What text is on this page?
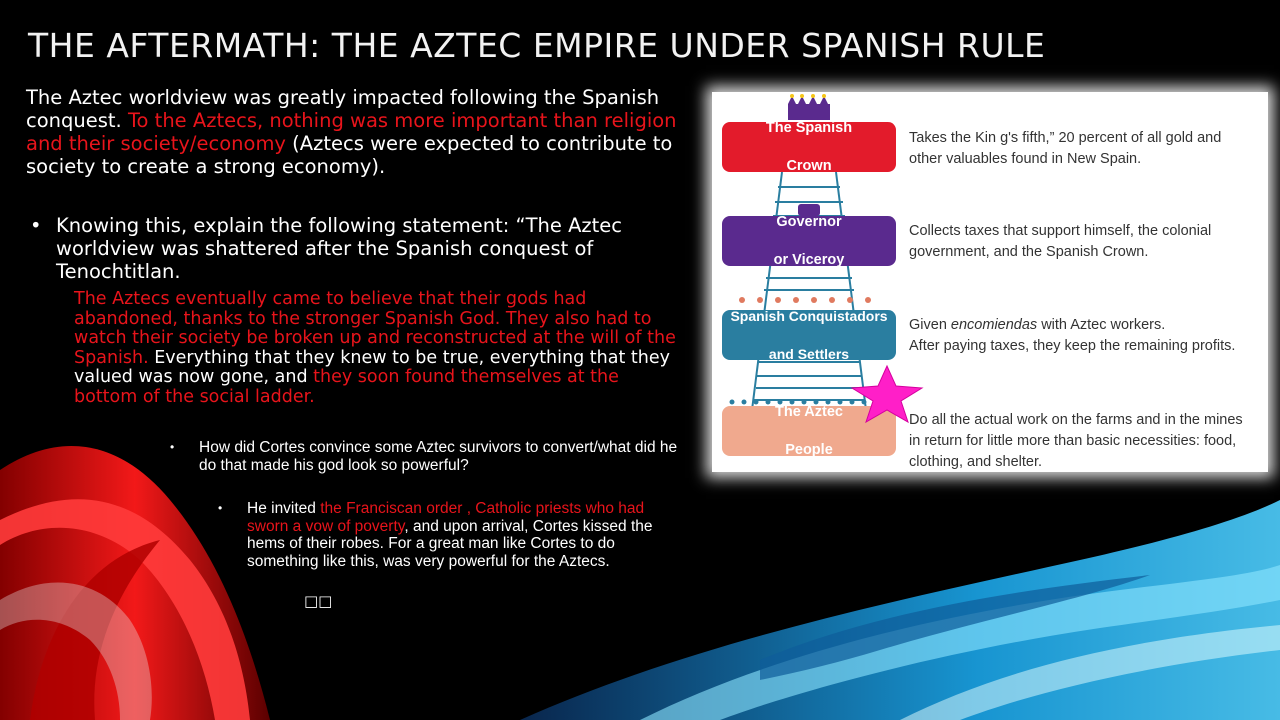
THE AFTERMATH: THE AZTEC EMPIRE UNDER SPANISH RULE
The Aztec worldview was greatly impacted following the Spanish conquest. To the Aztecs, nothing was more important than religion and their society/economy (Aztecs were expected to contribute to society to create a strong economy).
• Knowing this, explain the following statement: “The Aztec worldview was shattered after the Spanish conquest of Tenochtitlan.
The Aztecs eventually came to believe that their gods had abandoned, thanks to the stronger Spanish God. They also had to watch their society be broken up and reconstructed at the will of the Spanish. Everything that they knew to be true, everything that they valued was now gone, and they soon found themselves at the bottom of the social ladder.
• How did Cortes convince some Aztec survivors to convert/what did he do that made his god look so powerful?
• He invited the Franciscan order , Catholic priests who had sworn a vow of poverty, and upon arrival, Cortes kissed the hems of their robes. For a great man like Cortes to do something like this, was very powerful for the Aztecs.
□□
The Spanish

Crown
Takes the Kin g's fifth,” 20 percent of all gold and
other valuables found in New Spain.
Governor

or Viceroy
Collects taxes that support himself, the colonial
government, and the Spanish Crown.
Spanish Conquistadors

and Settlers
Given encomiendas with Aztec workers.
After paying taxes, they keep the remaining profits.
The Aztec

People
Do all the actual work on the farms and in the mines
in return for little more than basic necessities: food,
clothing, and shelter.
